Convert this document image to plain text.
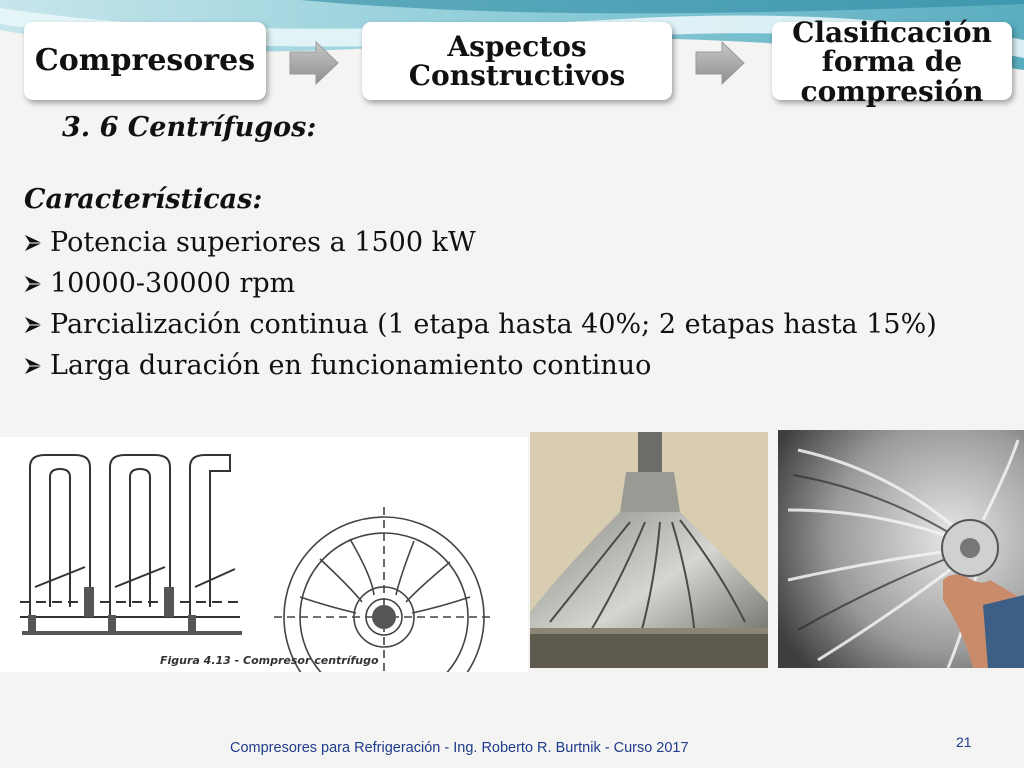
Compresores	Aspectos Constructivos
Clasificación forma de compresión
3. 6 Centrífugos:
Características:
Potencia superiores a 1500 kW
10000-30000 rpm
Parcialización continua (1 etapa hasta 40%; 2 etapas hasta 15%)
Larga duración en funcionamiento continuo
Figura 4.13 - Compresor centrífugo
Compresores para Refrigeración - Ing. Roberto R. Burtnik - Curso 2017	21
